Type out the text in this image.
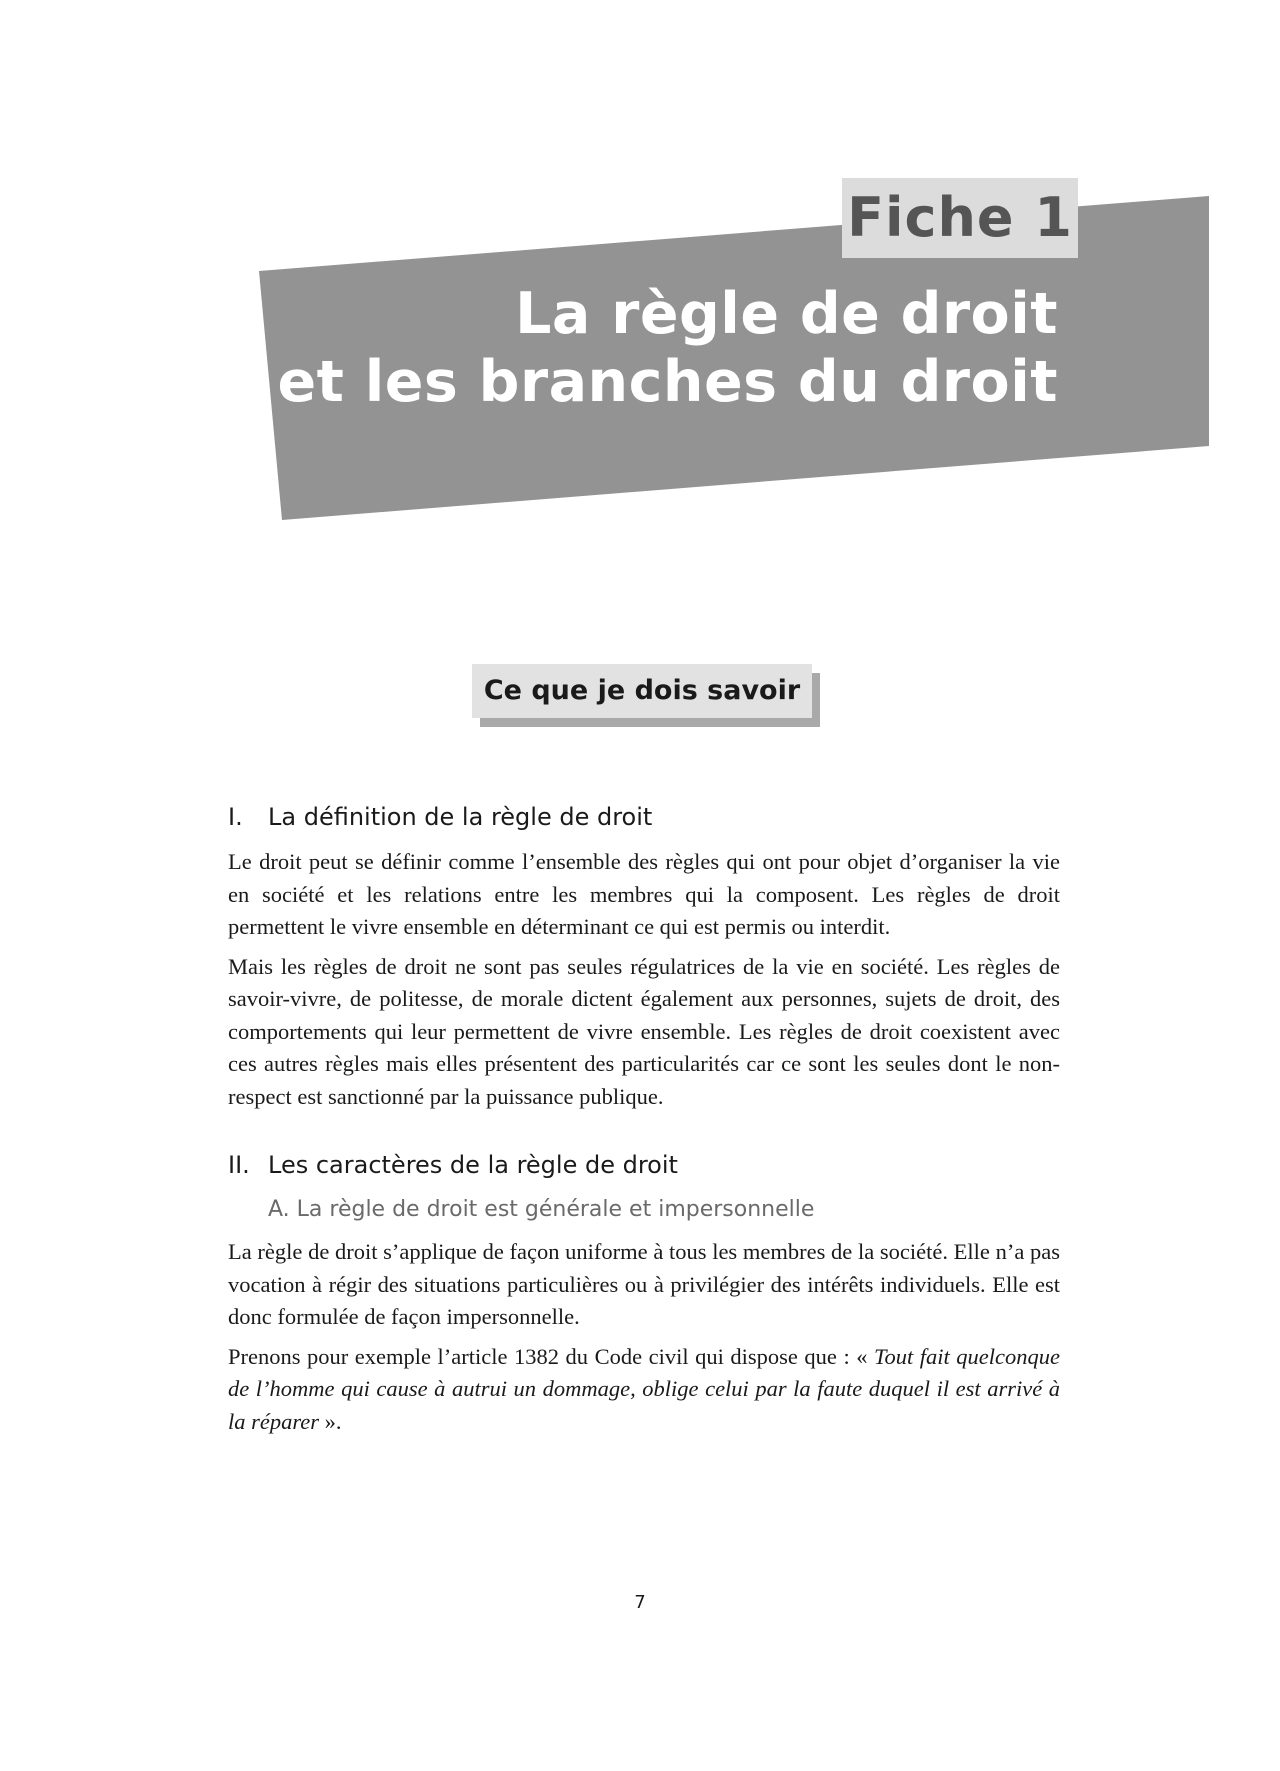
Fiche 1
La règle de droit
et les branches du droit
Ce que je dois savoir
I. La définition de la règle de droit

Le droit peut se définir comme l’ensemble des règles qui ont pour objet d’organiser la vie en société et les relations entre les membres qui la composent. Les règles de droit permettent le vivre ensemble en déterminant ce qui est permis ou interdit.

Mais les règles de droit ne sont pas seules régulatrices de la vie en société. Les règles de savoir-vivre, de politesse, de morale dictent également aux personnes, sujets de droit, des comportements qui leur permettent de vivre ensemble. Les règles de droit coexistent avec ces autres règles mais elles présentent des particularités car ce sont les seules dont le non-respect est sanctionné par la puissance publique.

II. Les caractères de la règle de droit
A. La règle de droit est générale et impersonnelle

La règle de droit s’applique de façon uniforme à tous les membres de la société. Elle n’a pas vocation à régir des situations particulières ou à privilégier des intérêts individuels. Elle est donc formulée de façon impersonnelle.

Prenons pour exemple l’article 1382 du Code civil qui dispose que : « Tout fait quelconque de l’homme qui cause à autrui un dommage, oblige celui par la faute duquel il est arrivé à la réparer ».

7
